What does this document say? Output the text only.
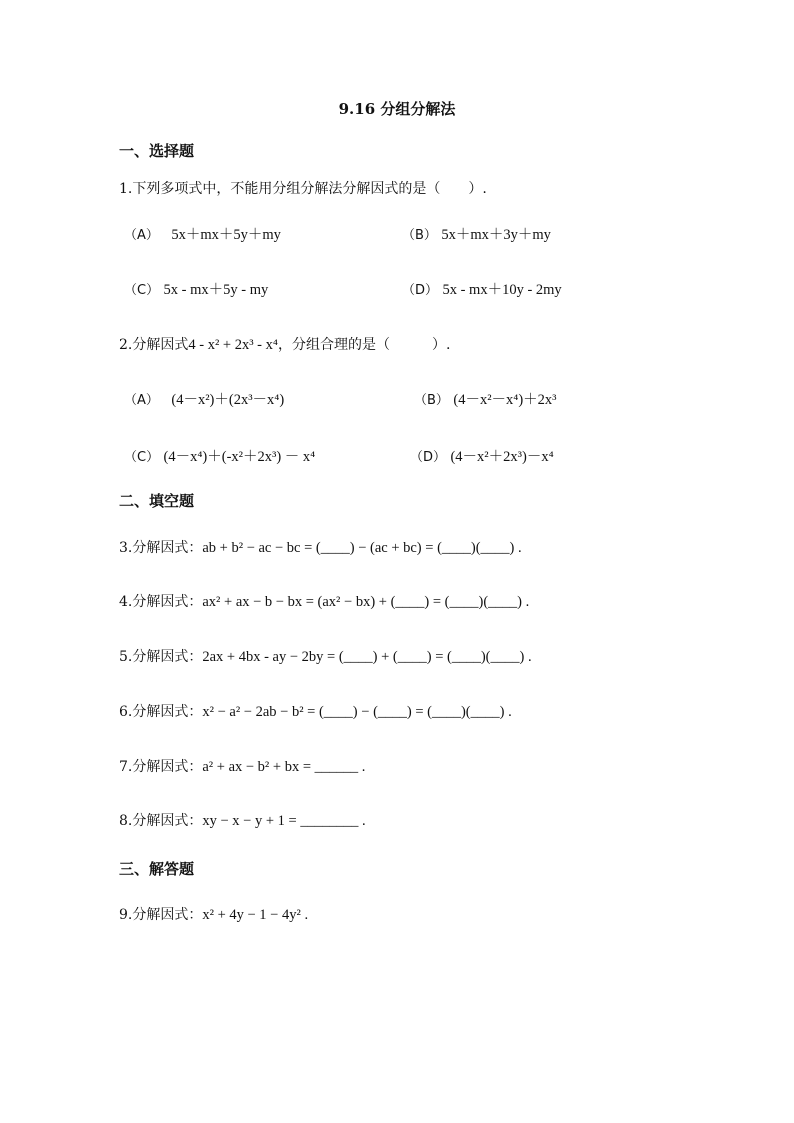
9.16 分组分解法
一、选择题
1.下列多项式中，不能用分组分解法分解因式的是（　　）.
（A） 5x＋mx＋5y＋my	（B） 5x＋mx＋3y＋my
（C） 5x - mx＋5y - my	（D） 5x - mx＋10y - 2my
2.分解因式4 - x² + 2x³ - x⁴，分组合理的是（　　　）.
（A） (4－x²)＋(2x³－x⁴)	（B） (4－x²－x⁴)＋2x³
（C） (4－x⁴)＋(-x²＋2x³) － x⁴	（D） (4－x²＋2x³)－x⁴
二、填空题
3.分解因式：ab + b² − ac − bc = (____) − (ac + bc) = (____)(____) .
4.分解因式：ax² + ax − b − bx = (ax² − bx) + (____) = (____)(____) .
5.分解因式：2ax + 4bx - ay − 2by = (____) + (____) = (____)(____) .
6.分解因式：x² − a² − 2ab − b² = (____) − (____) = (____)(____) .
7.分解因式：a² + ax − b² + bx = ______ .
8.分解因式：xy − x − y + 1 = ________ .
三、解答题
9.分解因式：x² + 4y − 1 − 4y² .
